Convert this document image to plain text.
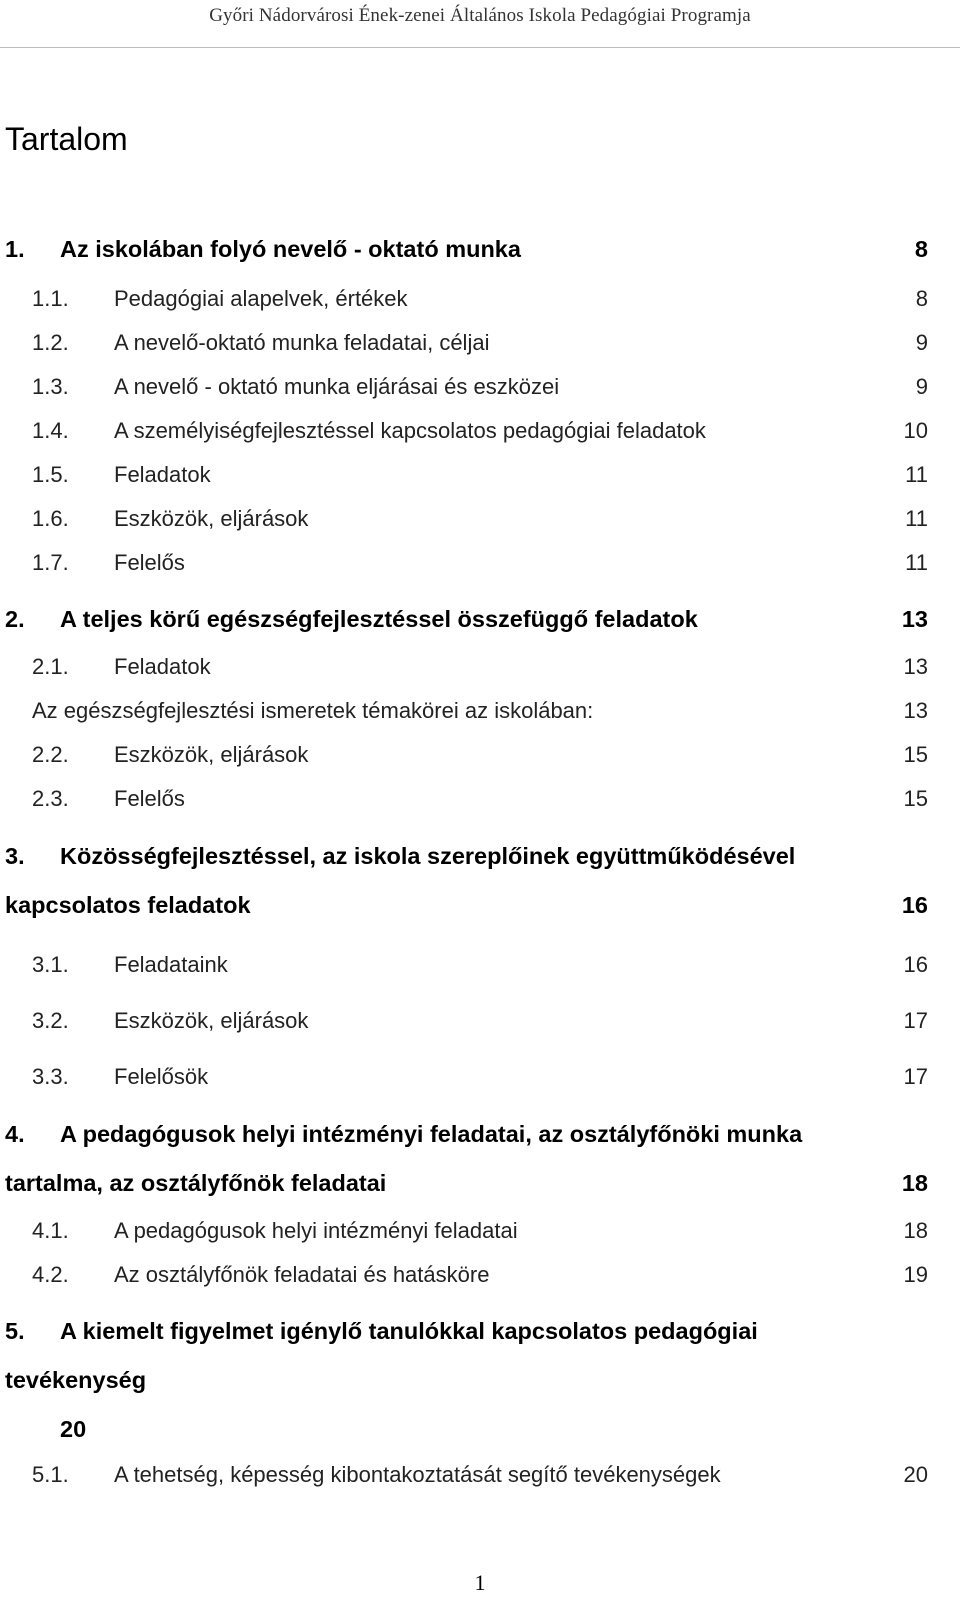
Győri Nádorvárosi Ének-zenei Általános Iskola Pedagógiai Programja
Tartalom
1. Az iskolában folyó nevelő - oktató munka	8
1.1. Pedagógiai alapelvek, értékek	8
1.2. A nevelő-oktató munka feladatai, céljai	9
1.3. A nevelő - oktató munka eljárásai és eszközei	9
1.4. A személyiségfejlesztéssel kapcsolatos pedagógiai feladatok	10
1.5. Feladatok	11
1.6. Eszközök, eljárások	11
1.7. Felelős	11
2. A teljes körű egészségfejlesztéssel összefüggő feladatok	13
2.1. Feladatok	13
Az egészségfejlesztési ismeretek témakörei az iskolában:	13
2.2. Eszközök, eljárások	15
2.3. Felelős	15
3. Közösségfejlesztéssel, az iskola szereplőinek együttműködésével
kapcsolatos feladatok	16
3.1. Feladataink	16
3.2. Eszközök, eljárások	17
3.3. Felelősök	17
4. A pedagógusok helyi intézményi feladatai, az osztályfőnöki munka
tartalma, az osztályfőnök feladatai	18
4.1. A pedagógusok helyi intézményi feladatai	18
4.2. Az osztályfőnök feladatai és hatásköre	19
5. A kiemelt figyelmet igénylő tanulókkal kapcsolatos pedagógiai
tevékenység
20
5.1. A tehetség, képesség kibontakoztatását segítő tevékenységek	20
1
